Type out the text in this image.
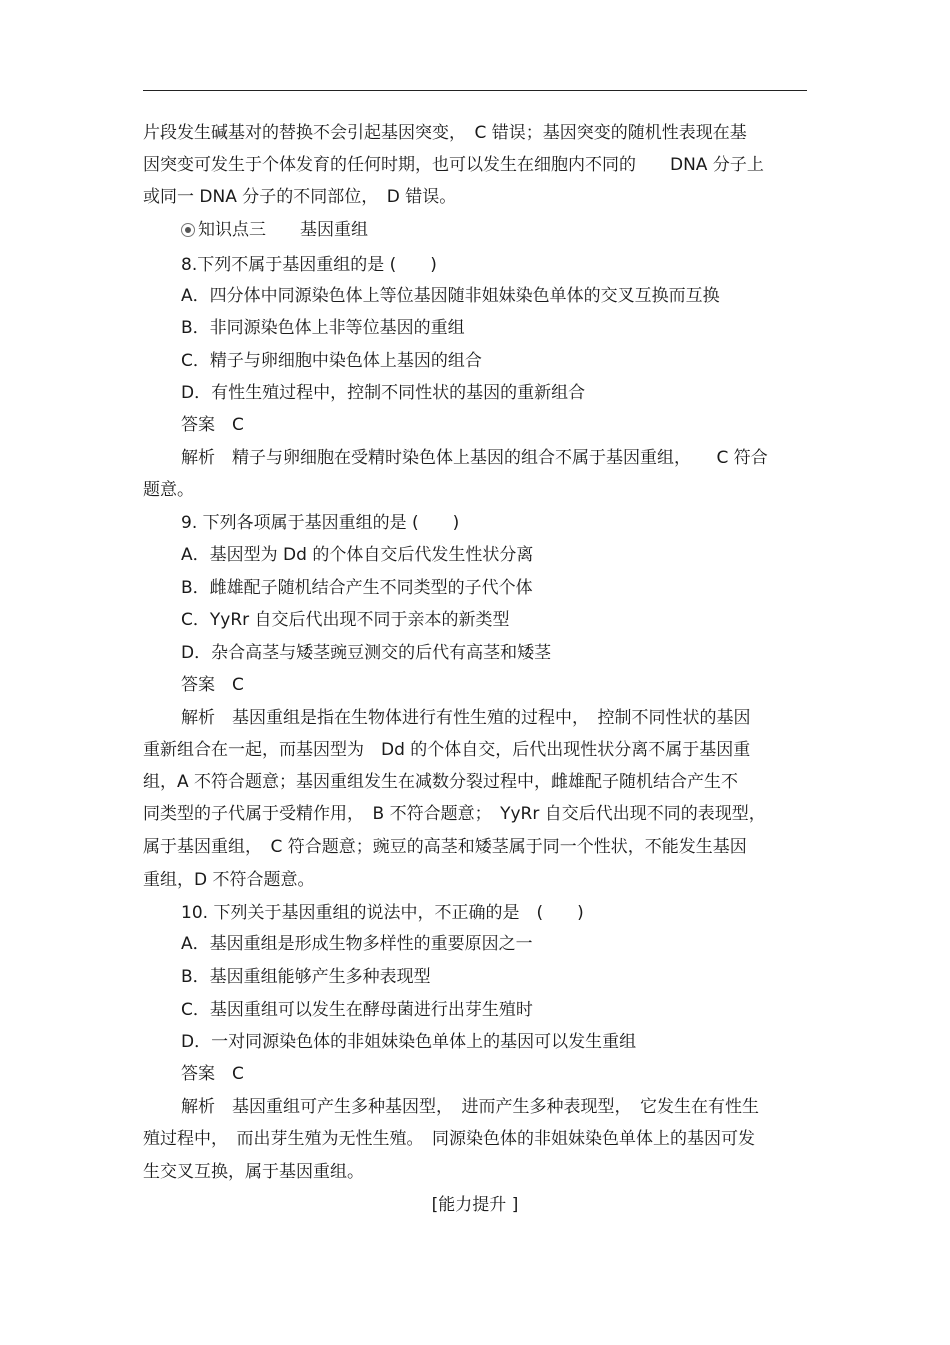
片段发生碱基对的替换不会引起基因突变，　C 错误；基因突变的随机性表现在基
因突变可发生于个体发育的任何时期，也可以发生在细胞内不同的　　DNA 分子上
或同一 DNA 分子的不同部位，　D 错误。
知识点三　　基因重组
8.下列不属于基因重组的是 (　　)
A．四分体中同源染色体上等位基因随非姐妹染色单体的交叉互换而互换
B．非同源染色体上非等位基因的重组
C．精子与卵细胞中染色体上基因的组合
D．有性生殖过程中，控制不同性状的基因的重新组合
答案　C
解析　精子与卵细胞在受精时染色体上基因的组合不属于基因重组，　　C 符合
题意。
9. 下列各项属于基因重组的是 (　　)
A．基因型为 Dd 的个体自交后代发生性状分离
B．雌雄配子随机结合产生不同类型的子代个体
C．YyRr 自交后代出现不同于亲本的新类型
D．杂合高茎与矮茎豌豆测交的后代有高茎和矮茎
答案　C
解析　基因重组是指在生物体进行有性生殖的过程中，　控制不同性状的基因
重新组合在一起，而基因型为　Dd 的个体自交，后代出现性状分离不属于基因重
组，A 不符合题意；基因重组发生在减数分裂过程中，雌雄配子随机结合产生不
同类型的子代属于受精作用，　B 不符合题意；　YyRr 自交后代出现不同的表现型，
属于基因重组，　C 符合题意；豌豆的高茎和矮茎属于同一个性状，不能发生基因
重组，D 不符合题意。
10. 下列关于基因重组的说法中，不正确的是　(　　)
A．基因重组是形成生物多样性的重要原因之一
B．基因重组能够产生多种表现型
C．基因重组可以发生在酵母菌进行出芽生殖时
D．一对同源染色体的非姐妹染色单体上的基因可以发生重组
答案　C
解析　基因重组可产生多种基因型，　进而产生多种表现型，　它发生在有性生
殖过程中，　而出芽生殖为无性生殖。　同源染色体的非姐妹染色单体上的基因可发
生交叉互换，属于基因重组。
[能力提升 ]
